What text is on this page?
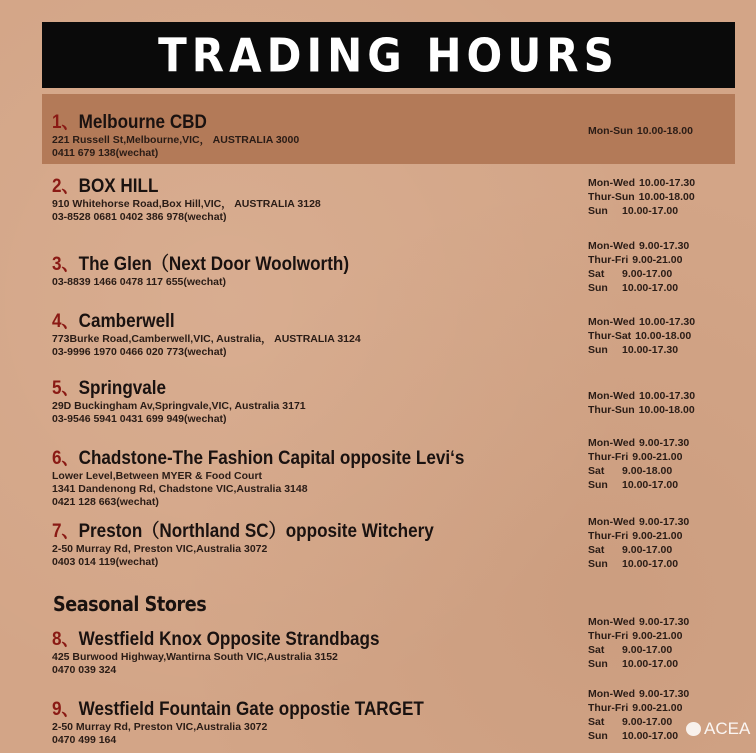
TRADING HOURS
1、Melbourne CBD
221 Russell St,Melbourne,VIC， AUSTRALIA 3000
0411 679 138(wechat)
Mon-Sun 10.00-18.00
2、BOX HILL
910 Whitehorse Road,Box Hill,VIC， AUSTRALIA 3128
03-8528 0681 0402 386 978(wechat)
Mon-Wed 10.00-17.30
Thur-Sun 10.00-18.00
Sun 10.00-17.00
3、The Glen（Next Door Woolworth)
03-8839 1466 0478 117 655(wechat)
Mon-Wed 9.00-17.30
Thur-Fri 9.00-21.00
Sat 9.00-17.00
Sun 10.00-17.00
4、Camberwell
773Burke Road,Camberwell,VIC, Australia， AUSTRALIA 3124
03-9996 1970 0466 020 773(wechat)
Mon-Wed 10.00-17.30
Thur-Sat 10.00-18.00
Sun 10.00-17.30
5、Springvale
29D Buckingham Av,Springvale,VIC, Australia 3171
03-9546 5941 0431 699 949(wechat)
Mon-Wed 10.00-17.30
Thur-Sun 10.00-18.00
6、Chadstone-The Fashion Capital opposite Levi‘s
Lower Level,Between MYER & Food Court
1341 Dandenong Rd, Chadstone VIC,Australia 3148
0421 128 663(wechat)
Mon-Wed 9.00-17.30
Thur-Fri 9.00-21.00
Sat 9.00-18.00
Sun 10.00-17.00
7、Preston（Northland SC）opposite Witchery
2-50 Murray Rd, Preston VIC,Australia 3072
0403 014 119(wechat)
Mon-Wed 9.00-17.30
Thur-Fri 9.00-21.00
Sat 9.00-17.00
Sun 10.00-17.00
8、Westfield Knox Opposite Strandbags
425 Burwood Highway,Wantirna South VIC,Australia 3152
0470 039 324
Mon-Wed 9.00-17.30
Thur-Fri 9.00-21.00
Sat 9.00-17.00
Sun 10.00-17.00
9、Westfield Fountain Gate oppostie TARGET
2-50 Murray Rd, Preston VIC,Australia 3072
0470 499 164
Mon-Wed 9.00-17.30
Thur-Fri 9.00-21.00
Sat 9.00-17.00
Sun 10.00-17.00
Seasonal Stores
ACEA
